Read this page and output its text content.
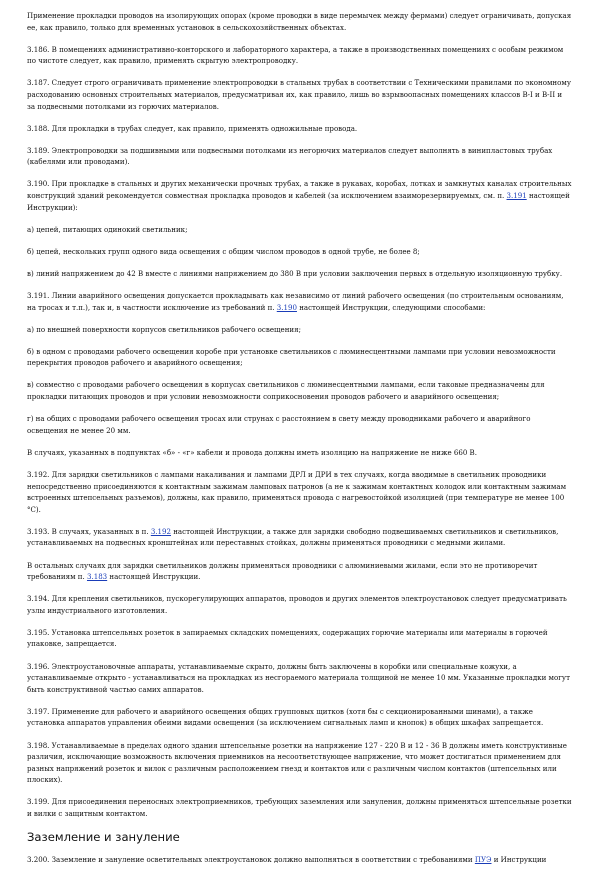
Применение прокладки проводов на изолирующих опорах (кроме проводки в виде перемычек между фермами) следует ограничивать, допуская ее, как правило, только для временных установок в сельскохозяйственных объектах.

3.186. В помещениях административно-конторского и лабораторного характера, а также в производственных помещениях с особым режимом по чистоте следует, как правило, применять скрытую электропроводку.

3.187. Следует строго ограничивать применение электропроводки в стальных трубах в соответствии с Техническими правилами по экономному расходованию основных строительных материалов, предусматривая их, как правило, лишь во взрывоопасных помещениях классов В-I и В-II и за подвесными потолками из горючих материалов.

3.188. Для прокладки в трубах следует, как правило, применять одножильные провода.

3.189. Электропроводки за подшивными или подвесными потолками из негорючих материалов следует выполнять в винипластовых трубах (кабелями или проводами).

3.190. При прокладке в стальных и других механически прочных трубах, а также в рукавах, коробах, лотках и замкнутых каналах строительных конструкций зданий рекомендуется совместная прокладка проводов и кабелей (за исключением взаиморезервируемых, см. п. 3.191 настоящей Инструкции):

а) цепей, питающих одинокий светильник;

б) цепей, нескольких групп одного вида освещения с общим числом проводов в одной трубе, не более 8;

в) линий напряжением до 42 В вместе с линиями напряжением до 380 В при условии заключения первых в отдельную изоляционную трубку.

3.191. Линии аварийного освещения допускается прокладывать как независимо от линий рабочего освещения (по строительным основаниям, на тросах и т.п.), так и, в частности исключение из требований п. 3.190 настоящей Инструкции, следующими способами:

а) по внешней поверхности корпусов светильников рабочего освещения;

б) в одном с проводами рабочего освещения коробе при установке светильников с люминесцентными лампами при условии невозможности перекрытия проводов рабочего и аварийного освещения;

в) совместно с проводами рабочего освещения в корпусах светильников с люминесцентными лампами, если таковые предназначены для прокладки питающих проводов и при условии невозможности соприкосновения проводов рабочего и аварийного освещения;

г) на общих с проводами рабочего освещения тросах или струнах с расстоянием в свету между проводниками рабочего и аварийного освещения не менее 20 мм.

В случаях, указанных в подпунктах «б» - «г» кабели и провода должны иметь изоляцию на напряжение не ниже 660 В.

3.192. Для зарядки светильников с лампами накаливания и лампами ДРЛ и ДРИ в тех случаях, когда вводимые в светильник проводники непосредственно присоединяются к контактным зажимам ламповых патронов (а не к зажимам контактных колодок или контактным зажимам встроенных штепсельных разъемов), должны, как правило, применяться провода с нагревостойкой изоляцией (при температуре не менее 100 °С).

3.193. В случаях, указанных в п. 3.192 настоящей Инструкции, а также для зарядки свободно подвешиваемых светильников и светильников, устанавливаемых на подвесных кронштейнах или переставных стойках, должны применяться проводники с медными жилами.

В остальных случаях для зарядки светильников должны применяться проводники с алюминиевыми жилами, если это не противоречит требованиям п. 3.183 настоящей Инструкции.

3.194. Для крепления светильников, пускорегулирующих аппаратов, проводов и других элементов электроустановок следует предусматривать узлы индустриального изготовления.

3.195. Установка штепсельных розеток в запираемых складских помещениях, содержащих горючие материалы или материалы в горючей упаковке, запрещается.

3.196. Электроустановочные аппараты, устанавливаемые скрыто, должны быть заключены в коробки или специальные кожухи, а устанавливаемые открыто - устанавливаться на прокладках из несгораемого материала толщиной не менее 10 мм. Указанные прокладки могут быть конструктивной частью самих аппаратов.

3.197. Применение для рабочего и аварийного освещения общих групповых щитков (хотя бы с секционированными шинами), а также установка аппаратов управления обеими видами освещения (за исключением сигнальных ламп и кнопок) в общих шкафах запрещается.

3.198. Устанавливаемые в пределах одного здания штепсельные розетки на напряжение 127 - 220 В и 12 - 36 В должны иметь конструктивные различия, исключающие возможность включения приемников на несоответствующее напряжение, что может достигаться применением для разных напряжений розеток и вилок с различным расположением гнезд и контактов или с различным числом контактов (штепсельных или плоских).

3.199. Для присоединения переносных электроприемников, требующих заземления или зануления, должны применяться штепсельные розетки и вилки с защитным контактом.

Заземление и зануление

3.200. Заземление и зануление осветительных электроустановок должно выполняться в соответствии с требованиями ПУЭ и Инструкции
